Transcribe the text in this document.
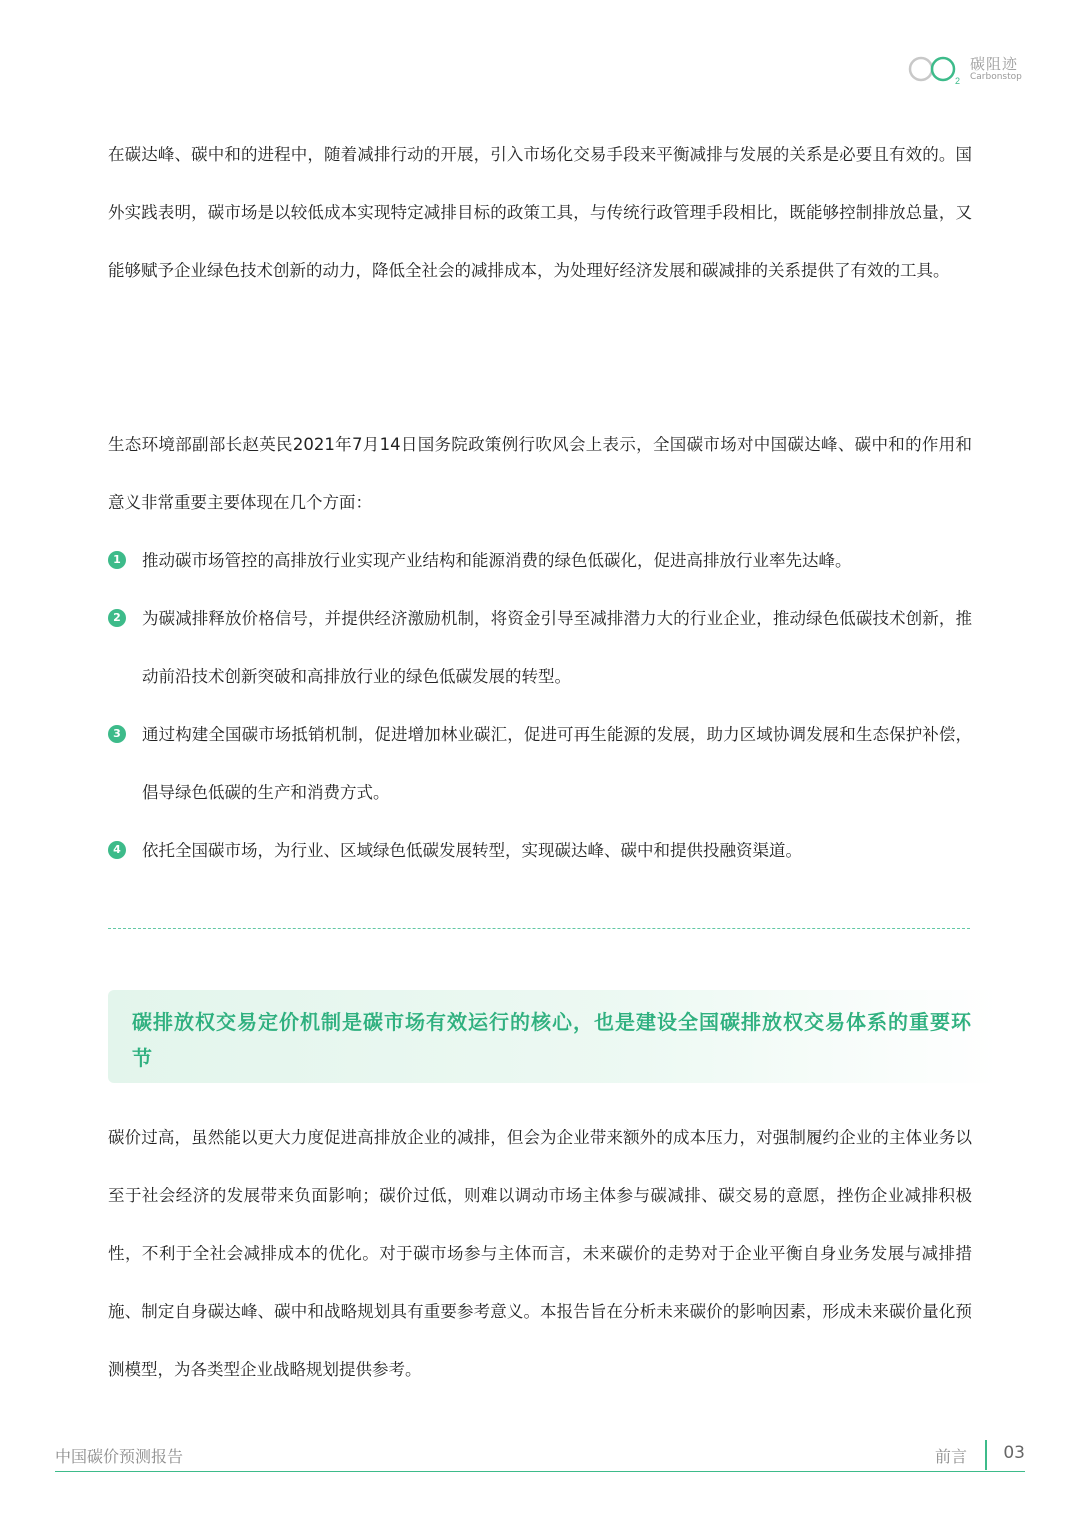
2
碳阻迹
Carbonstop

在碳达峰、碳中和的进程中，随着减排行动的开展，引入市场化交易手段来平衡减排与发展的关系是必要且有效的。国外实践表明，碳市场是以较低成本实现特定减排目标的政策工具，与传统行政管理手段相比，既能够控制排放总量，又能够赋予企业绿色技术创新的动力，降低全社会的减排成本，为处理好经济发展和碳减排的关系提供了有效的工具。

生态环境部副部长赵英民2021年7月14日国务院政策例行吹风会上表示，全国碳市场对中国碳达峰、碳中和的作用和意义非常重要主要体现在几个方面：

1	推动碳市场管控的高排放行业实现产业结构和能源消费的绿色低碳化，促进高排放行业率先达峰。
2	为碳减排释放价格信号，并提供经济激励机制，将资金引导至减排潜力大的行业企业，推动绿色低碳技术创新，推动前沿技术创新突破和高排放行业的绿色低碳发展的转型。
3	通过构建全国碳市场抵销机制，促进增加林业碳汇，促进可再生能源的发展，助力区域协调发展和生态保护补偿，倡导绿色低碳的生产和消费方式。
4	依托全国碳市场，为行业、区域绿色低碳发展转型，实现碳达峰、碳中和提供投融资渠道。

碳排放权交易定价机制是碳市场有效运行的核心，也是建设全国碳排放权交易体系的重要环节

碳价过高，虽然能以更大力度促进高排放企业的减排，但会为企业带来额外的成本压力，对强制履约企业的主体业务以至于社会经济的发展带来负面影响；碳价过低，则难以调动市场主体参与碳减排、碳交易的意愿，挫伤企业减排积极性，不利于全社会减排成本的优化。对于碳市场参与主体而言，未来碳价的走势对于企业平衡自身业务发展与减排措施、制定自身碳达峰、碳中和战略规划具有重要参考意义。本报告旨在分析未来碳价的影响因素，形成未来碳价量化预测模型，为各类型企业战略规划提供参考。

中国碳价预测报告	前言 03
